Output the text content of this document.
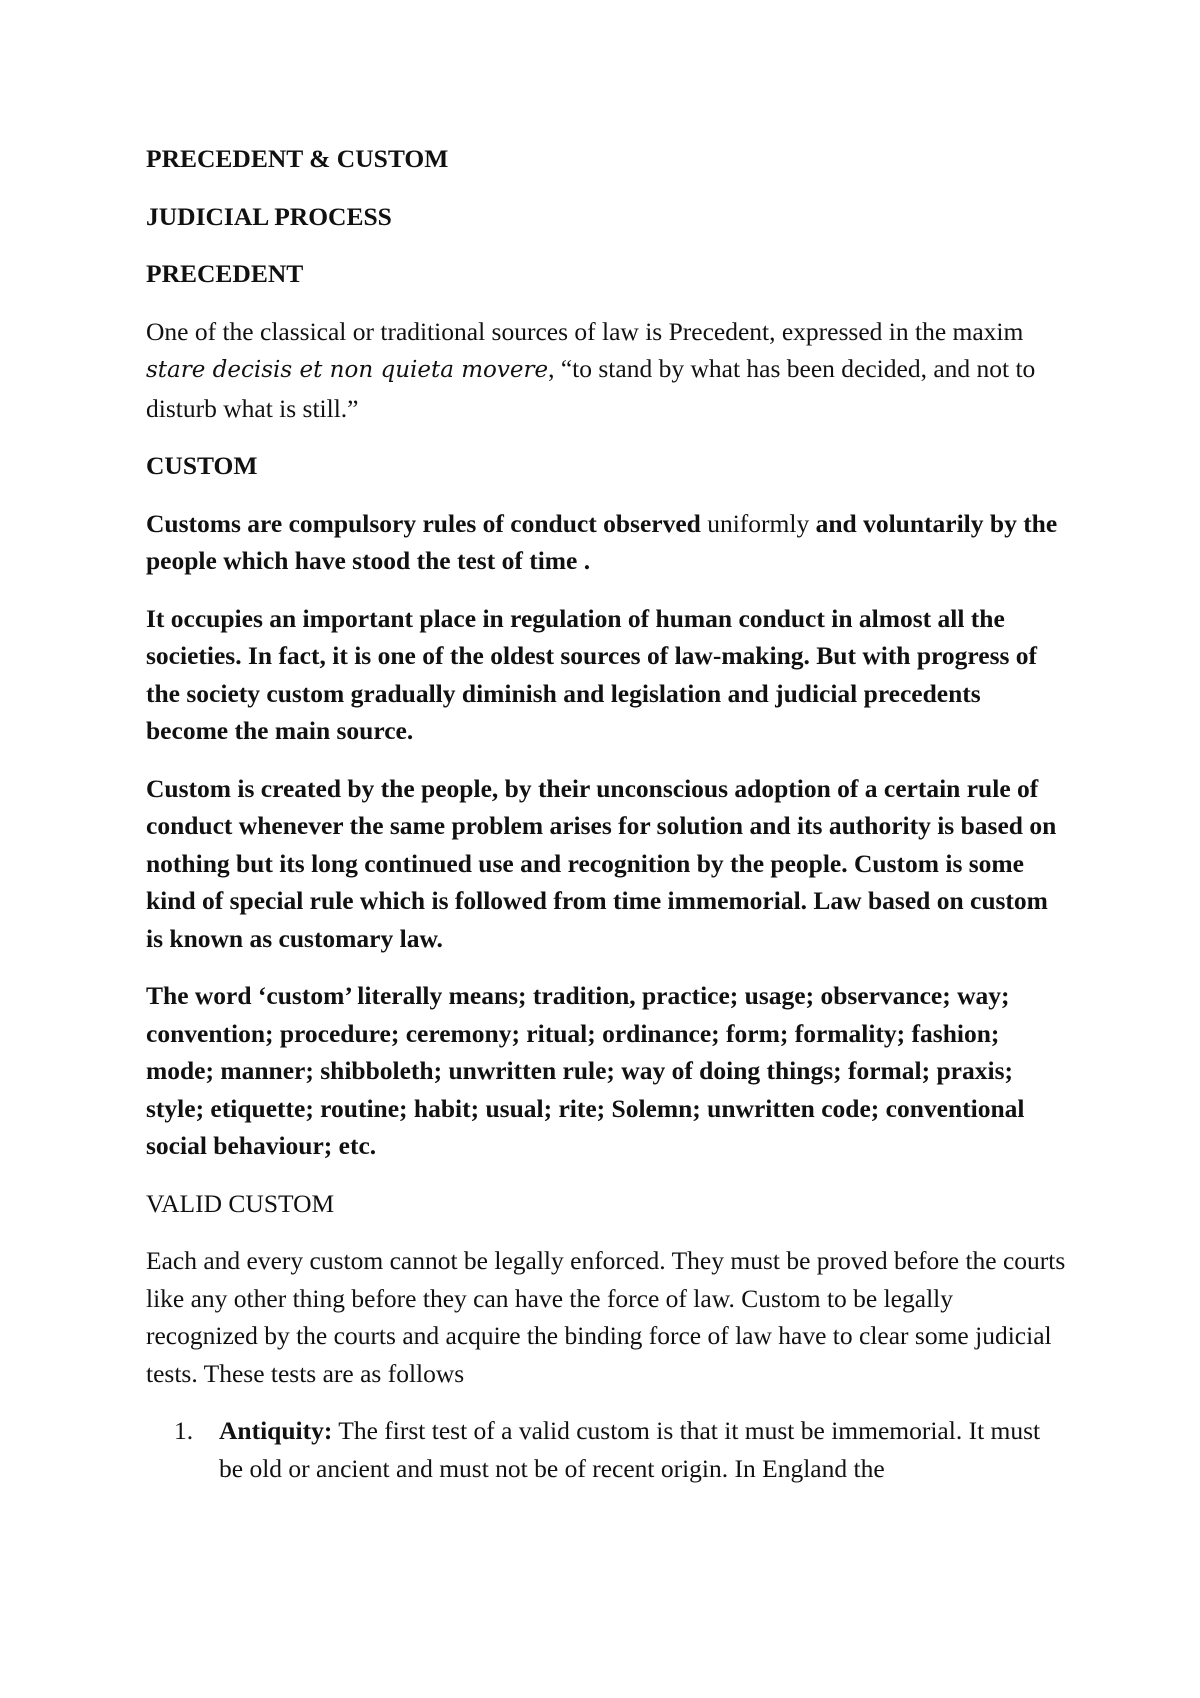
PRECEDENT & CUSTOM
JUDICIAL PROCESS
PRECEDENT

One of the classical or traditional sources of law is Precedent, expressed in the maxim stare decisis et non quieta movere, “to stand by what has been decided, and not to disturb what is still.”

CUSTOM

Customs are compulsory rules of conduct observed uniformly and voluntarily by the people which have stood the test of time .

It occupies an important place in regulation of human conduct in almost all the societies. In fact, it is one of the oldest sources of law-making. But with progress of the society custom gradually diminish and legislation and judicial precedents become the main source.

Custom is created by the people, by their unconscious adoption of a certain rule of conduct whenever the same problem arises for solution and its authority is based on nothing but its long continued use and recognition by the people. Custom is some kind of special rule which is followed from time immemorial. Law based on custom is known as customary law.

The word ‘custom’ literally means; tradition, practice; usage; observance; way; convention; procedure; ceremony; ritual; ordinance; form; formality; fashion; mode; manner; shibboleth; unwritten rule; way of doing things; formal; praxis; style; etiquette; routine; habit; usual; rite; Solemn; unwritten code; conventional social behaviour; etc.

VALID CUSTOM

Each and every custom cannot be legally enforced. They must be proved before the courts like any other thing before they can have the force of law. Custom to be legally recognized by the courts and acquire the binding force of law have to clear some judicial tests. These tests are as follows

1. Antiquity: The first test of a valid custom is that it must be immemorial. It must be old or ancient and must not be of recent origin. In England the
